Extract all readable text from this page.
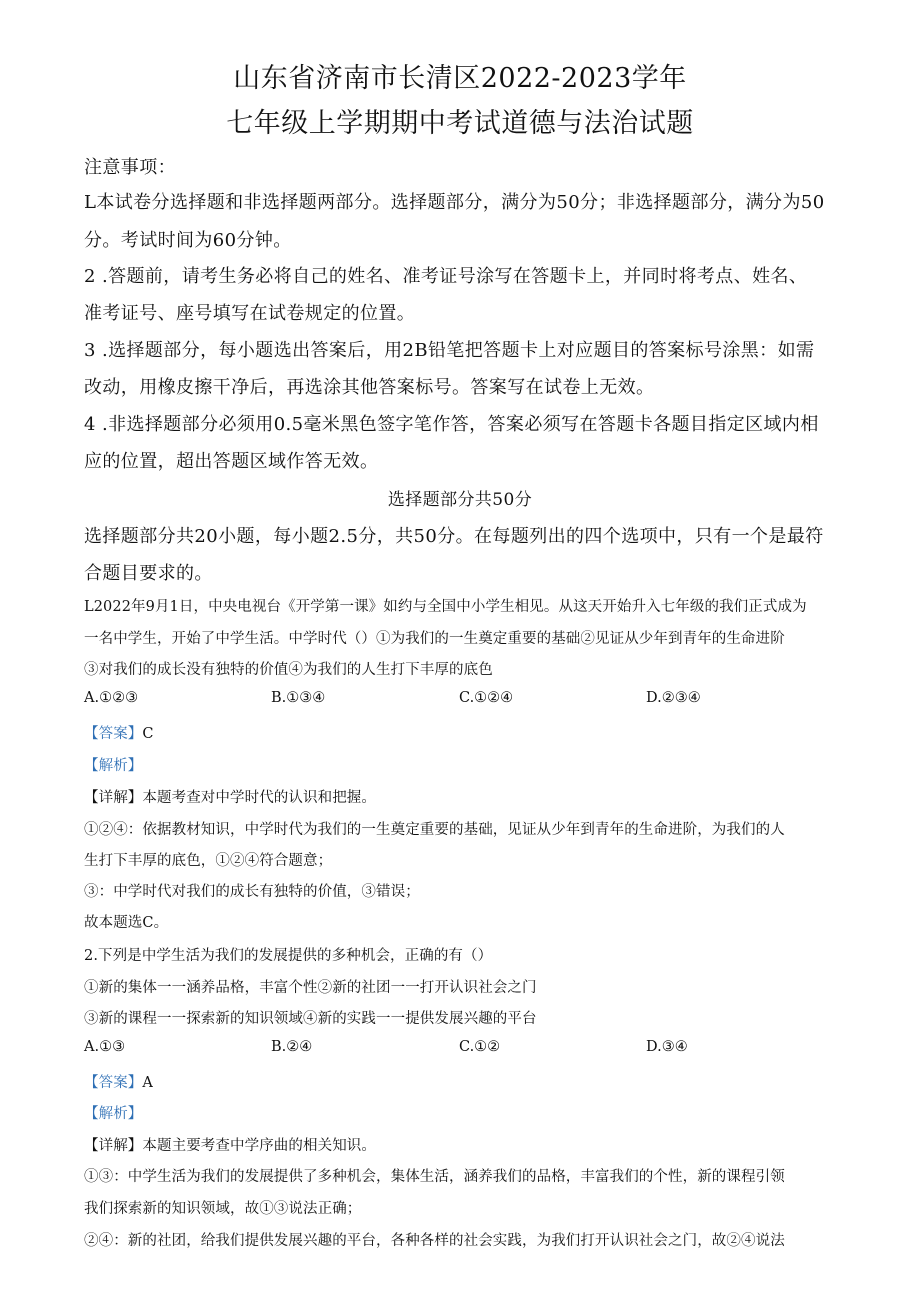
山东省济南市长清区2022-2023学年
七年级上学期期中考试道德与法治试题
注意事项：
L本试卷分选择题和非选择题两部分。选择题部分，满分为50分；非选择题部分，满分为50
分。考试时间为60分钟。
2 .答题前，请考生务必将自己的姓名、准考证号涂写在答题卡上，并同时将考点、姓名、
准考证号、座号填写在试卷规定的位置。
3 .选择题部分，每小题选出答案后，用2B铅笔把答题卡上对应题目的答案标号涂黑：如需
改动，用橡皮擦干净后，再选涂其他答案标号。答案写在试卷上无效。
4 .非选择题部分必须用0.5毫米黑色签字笔作答，答案必须写在答题卡各题目指定区域内相
应的位置，超出答题区域作答无效。
选择题部分共50分
选择题部分共20小题，每小题2.5分，共50分。在每题列出的四个选项中，只有一个是最符
合题目要求的。
L2022年9月1日，中央电视台《开学第一课》如约与全国中小学生相见。从这天开始升入七年级的我们正式成为
一名中学生，开始了中学生活。中学时代（）①为我们的一生奠定重要的基础②见证从少年到青年的生命进阶
③对我们的成长没有独特的价值④为我们的人生打下丰厚的底色
A.①②③	B.①③④	C.①②④	D.②③④
【答案】C
【解析】
【详解】本题考查对中学时代的认识和把握。
①②④：依据教材知识，中学时代为我们的一生奠定重要的基础，见证从少年到青年的生命进阶，为我们的人
生打下丰厚的底色，①②④符合题意；
③：中学时代对我们的成长有独特的价值，③错误；
故本题选C。
2.下列是中学生活为我们的发展提供的多种机会，正确的有（）
①新的集体一一涵养品格，丰富个性②新的社团一一打开认识社会之门
③新的课程一一探索新的知识领域④新的实践一一提供发展兴趣的平台
A.①③	B.②④	C.①②	D.③④
【答案】A
【解析】
【详解】本题主要考查中学序曲的相关知识。
①③：中学生活为我们的发展提供了多种机会，集体生活，涵养我们的品格，丰富我们的个性，新的课程引领
我们探索新的知识领域，故①③说法正确；
②④：新的社团，给我们提供发展兴趣的平台，各种各样的社会实践，为我们打开认识社会之门，故②④说法
